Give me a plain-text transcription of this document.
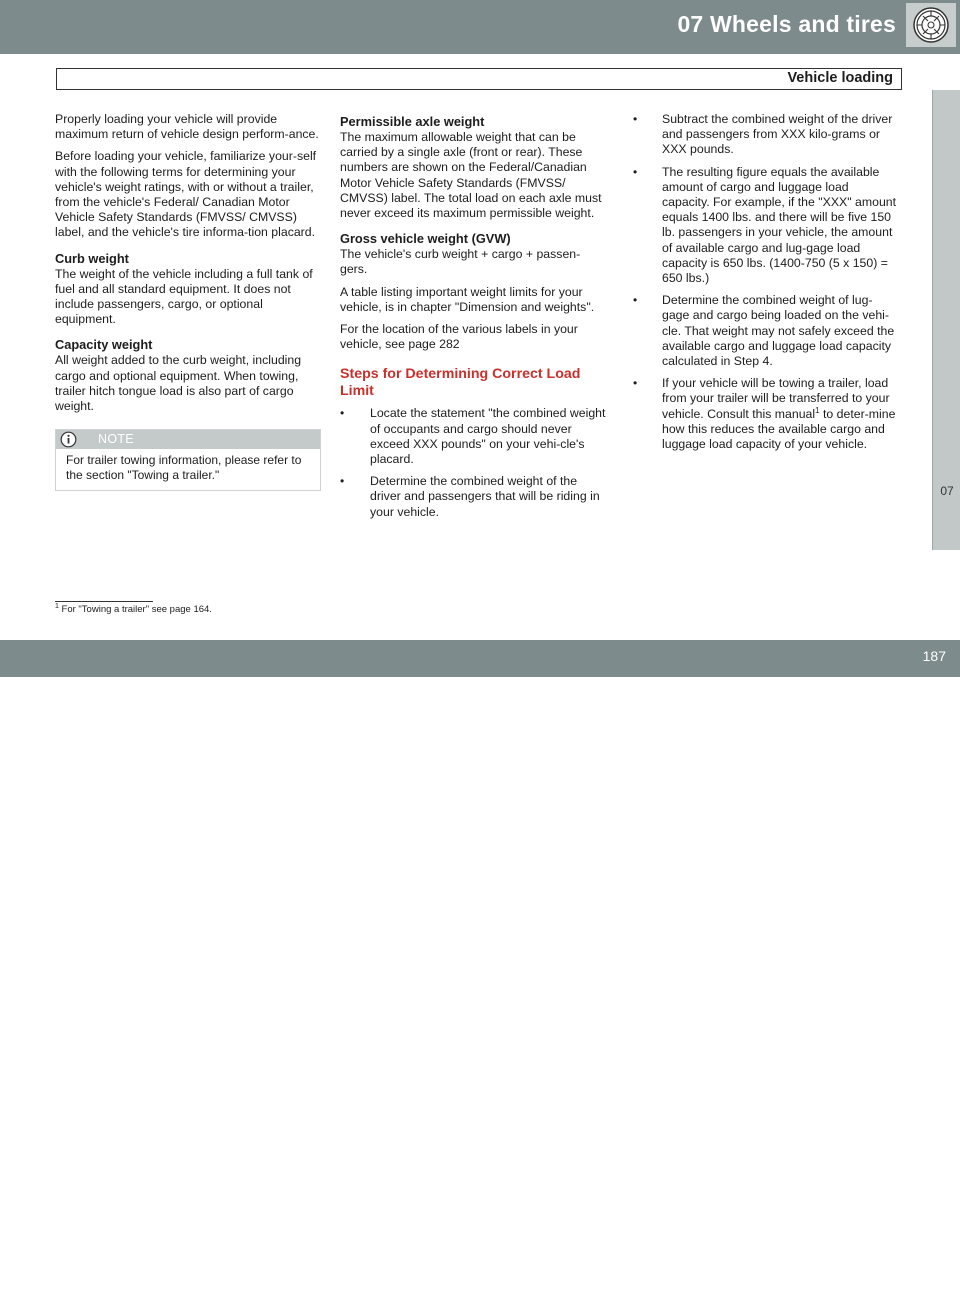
07 Wheels and tires
Vehicle loading
07

Properly loading your vehicle will provide maximum return of vehicle design perform-ance.

Before loading your vehicle, familiarize your-self with the following terms for determining your vehicle's weight ratings, with or without a trailer, from the vehicle's Federal/ Canadian Motor Vehicle Safety Standards (FMVSS/ CMVSS) label, and the vehicle's tire informa-tion placard.

Curb weight

The weight of the vehicle including a full tank of fuel and all standard equipment. It does not include passengers, cargo, or optional equipment.

Capacity weight

All weight added to the curb weight, including cargo and optional equipment. When towing, trailer hitch tongue load is also part of cargo weight.

NOTE
For trailer towing information, please refer to the section "Towing a trailer."
Permissible axle weight

The maximum allowable weight that can be carried by a single axle (front or rear). These numbers are shown on the Federal/Canadian Motor Vehicle Safety Standards (FMVSS/ CMVSS) label. The total load on each axle must never exceed its maximum permissible weight.

Gross vehicle weight (GVW)

The vehicle's curb weight + cargo + passen-gers.

A table listing important weight limits for your vehicle, is in chapter "Dimension and weights".

For the location of the various labels in your vehicle, see page 282

Steps for Determining Correct Load Limit
•	Locate the statement "the combined weight of occupants and cargo should never exceed XXX pounds" on your vehi-cle's placard.
•	Determine the combined weight of the driver and passengers that will be riding in your vehicle.
•	Subtract the combined weight of the driver and passengers from XXX kilo-grams or XXX pounds.
•	The resulting figure equals the available amount of cargo and luggage load capacity. For example, if the "XXX" amount equals 1400 lbs. and there will be five 150 lb. passengers in your vehicle, the amount of available cargo and lug-gage load capacity is 650 lbs. (1400-750 (5 x 150) = 650 lbs.)
•	Determine the combined weight of lug-gage and cargo being loaded on the vehi-cle. That weight may not safely exceed the available cargo and luggage load capacity calculated in Step 4.
•	If your vehicle will be towing a trailer, load from your trailer will be transferred to your vehicle. Consult this manual$^1$ to deter-mine how this reduces the available cargo and luggage load capacity of your vehicle.
$^1$ For "Towing a trailer" see page 164.
carmanualsonline.info
187
